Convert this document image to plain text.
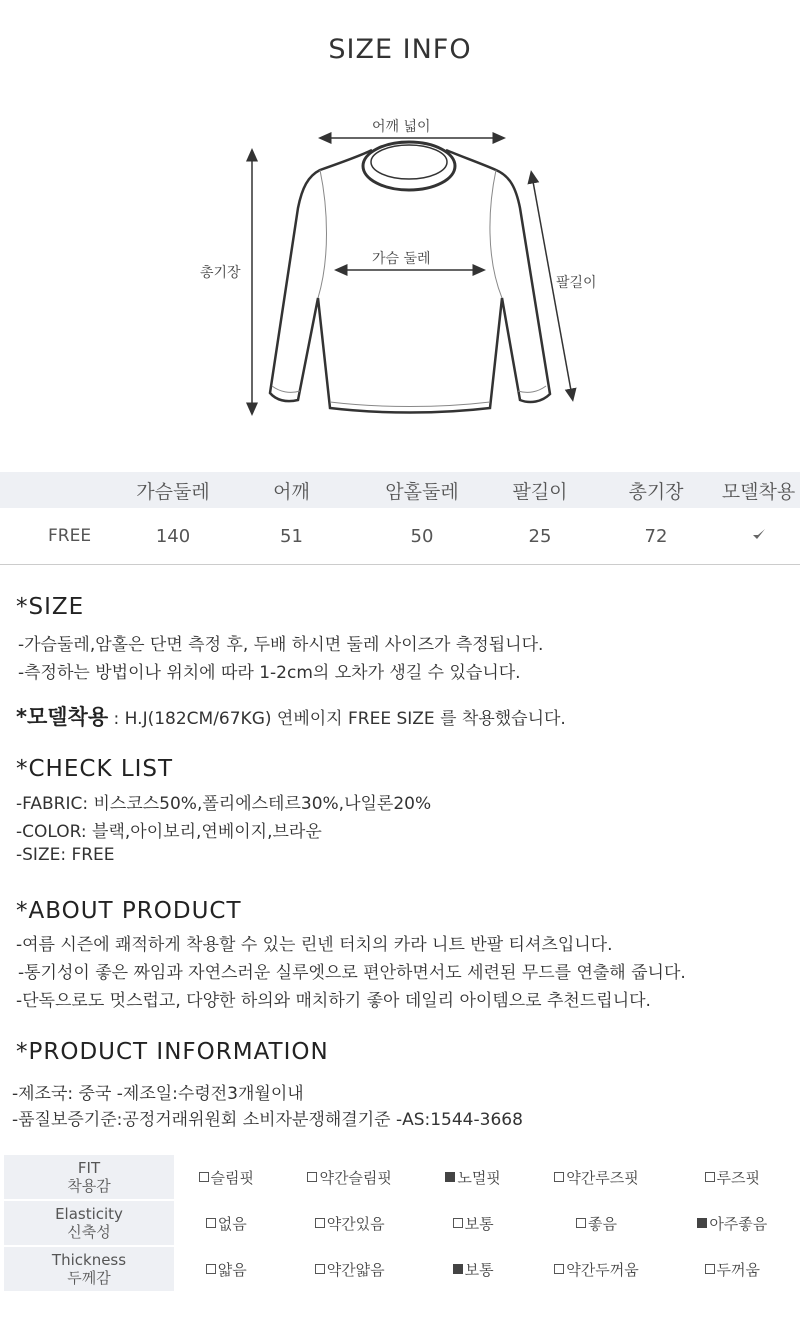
SIZE INFO
어깨 넓이
가슴 둘레
총기장
팔길이
	가슴둘레	어깨	암홀둘레	팔길이	총기장	모델착용
FREE	140	51	50	25	72	
*SIZE
-가슴둘레,암홀은 단면 측정 후, 두배 하시면 둘레 사이즈가 측정됩니다.
-측정하는 방법이나 위치에 따라 1-2cm의 오차가 생길 수 있습니다.
*모델착용 : H.J(182CM/67KG) 연베이지 FREE SIZE 를 착용했습니다.
*CHECK LIST
-FABRIC: 비스코스50%,폴리에스테르30%,나일론20%
-COLOR: 블랙,아이보리,연베이지,브라운
-SIZE: FREE
*ABOUT PRODUCT
-여름 시즌에 쾌적하게 착용할 수 있는 린넨 터치의 카라 니트 반팔 티셔츠입니다.
-통기성이 좋은 짜임과 자연스러운 실루엣으로 편안하면서도 세련된 무드를 연출해 줍니다.
-단독으로도 멋스럽고, 다양한 하의와 매치하기 좋아 데일리 아이템으로 추천드립니다.
*PRODUCT INFORMATION
-제조국: 중국 -제조일:수령전3개월이내
-품질보증기준:공정거래위원회 소비자분쟁해결기준 -AS:1544-3668
FIT
착용감	슬림핏	약간슬림핏	노멀핏	약간루즈핏	루즈핏

Elasticity
신축성	없음	약간있음	보통	좋음	아주좋음

Thickness
두께감	얇음	약간얇음	보통	약간두꺼움	두꺼움
